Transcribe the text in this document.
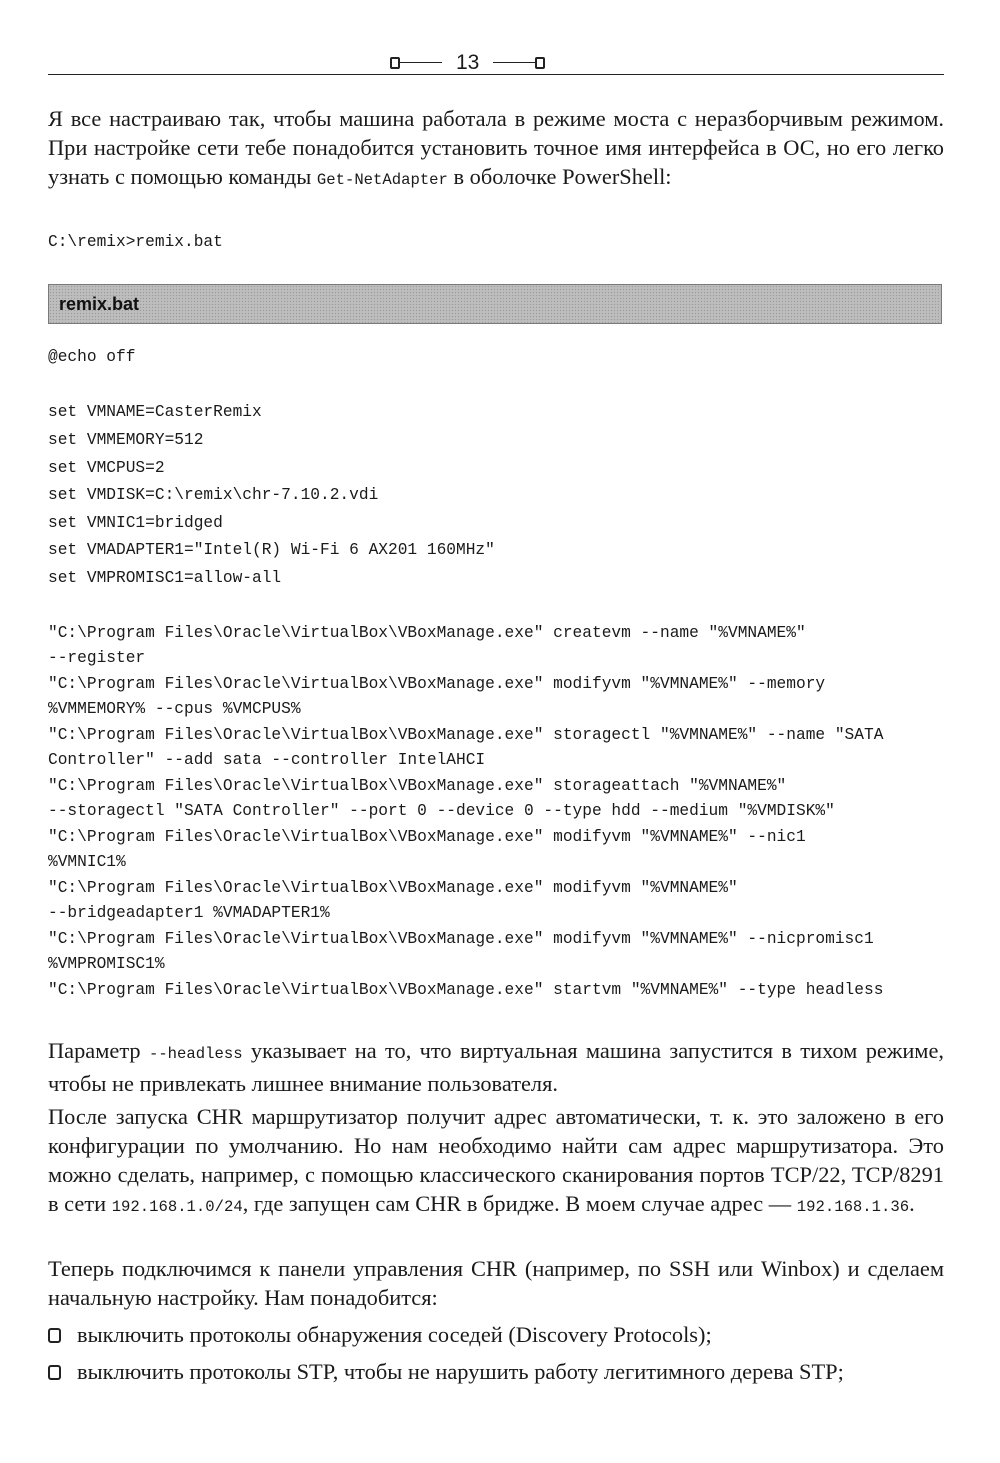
13

Я все настраиваю так, чтобы машина работала в режиме моста с неразборчивым режимом. При настройке сети тебе понадобится установить точное имя интерфейса в ОС, но его легко узнать с помощью команды Get-NetAdapter в оболочке PowerShell:

C:\remix>remix.bat
remix.bat
@echo off
set VMNAME=CasterRemix
set VMMEMORY=512
set VMCPUS=2
set VMDISK=C:\remix\chr-7.10.2.vdi
set VMNIC1=bridged
set VMADAPTER1="Intel(R) Wi-Fi 6 AX201 160MHz"
set VMPROMISC1=allow-all
"C:\Program Files\Oracle\VirtualBox\VBoxManage.exe" createvm --name "%VMNAME%"
--register
"C:\Program Files\Oracle\VirtualBox\VBoxManage.exe" modifyvm "%VMNAME%" --memory
%VMMEMORY% --cpus %VMCPUS%
"C:\Program Files\Oracle\VirtualBox\VBoxManage.exe" storagectl "%VMNAME%" --name "SATA
Controller" --add sata --controller IntelAHCI
"C:\Program Files\Oracle\VirtualBox\VBoxManage.exe" storageattach "%VMNAME%"
--storagectl "SATA Controller" --port 0 --device 0 --type hdd --medium "%VMDISK%"
"C:\Program Files\Oracle\VirtualBox\VBoxManage.exe" modifyvm "%VMNAME%" --nic1
%VMNIC1%
"C:\Program Files\Oracle\VirtualBox\VBoxManage.exe" modifyvm "%VMNAME%"
--bridgeadapter1 %VMADAPTER1%
"C:\Program Files\Oracle\VirtualBox\VBoxManage.exe" modifyvm "%VMNAME%" --nicpromisc1
%VMPROMISC1%
"C:\Program Files\Oracle\VirtualBox\VBoxManage.exe" startvm "%VMNAME%" --type headless

Параметр --headless указывает на то, что виртуальная машина запустится в тихом режиме, чтобы не привлекать лишнее внимание пользователя.

После запуска CHR маршрутизатор получит адрес автоматически, т. к. это заложено в его конфигурации по умолчанию. Но нам необходимо найти сам адрес маршрутизатора. Это можно сделать, например, с помощью классического сканирования портов TCP/22, TCP/8291 в сети 192.168.1.0/24, где запущен сам CHR в бридже. В моем случае адрес — 192.168.1.36.

Теперь подключимся к панели управления CHR (например, по SSH или Winbox) и сделаем начальную настройку. Нам понадобится:

выключить протоколы обнаружения соседей (Discovery Protocols);
выключить протоколы STP, чтобы не нарушить работу легитимного дерева STP;
